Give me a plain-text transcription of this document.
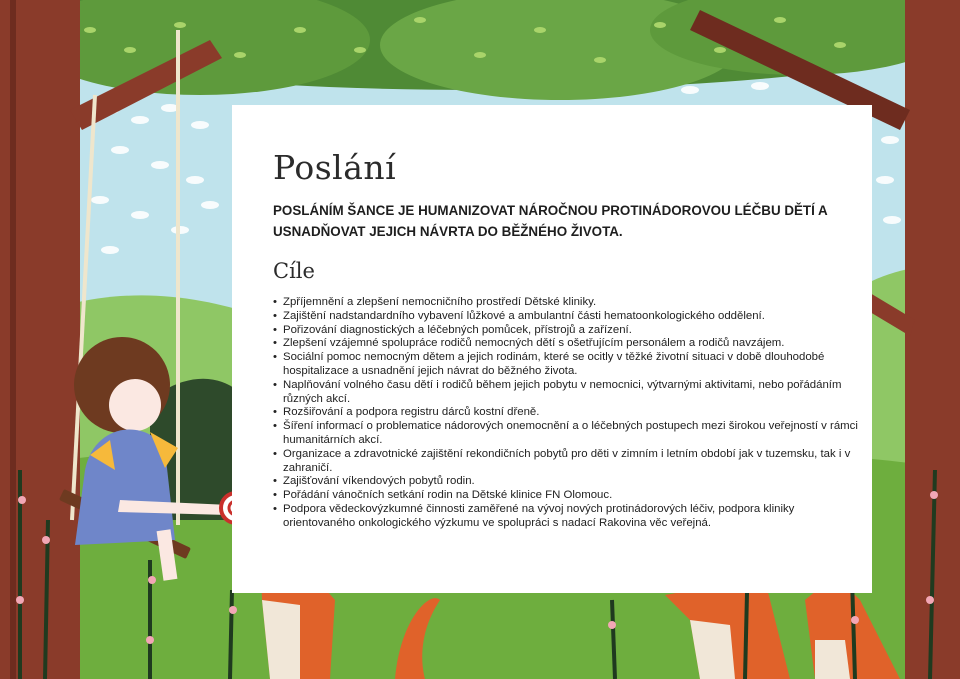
Poslání

POSLÁNÍM ŠANCE JE HUMANIZOVAT NÁROČNOU PROTINÁDOROVOU LÉČBU DĚTÍ A USNADŇOVAT JEJICH NÁVRTA DO BĚŽNÉHO ŽIVOTA.

Cíle
• Zpříjemnění a zlepšení nemocničního prostředí Dětské kliniky.
• Zajištění nadstandardního vybavení lůžkové a ambulantní části hematoonkologického oddělení.
• Pořizování diagnostických a léčebných pomůcek, přístrojů a zařízení.
• Zlepšení vzájemné spolupráce rodičů nemocných dětí s ošetřujícím personálem a rodičů navzájem.
• Sociální pomoc nemocným dětem a jejich rodinám, které se ocitly v těžké životní situaci v době dlouhodobé hospitalizace a usnadnění jejich návrat do běžného života.
• Naplňování volného času dětí i rodičů během jejich pobytu v nemocnici, výtvarnými aktivitami, nebo pořádáním různých akcí.
• Rozšiřování a podpora registru dárců kostní dřeně.
• Šíření informací o problematice nádorových onemocnění a o léčebných postupech mezi širokou veřejností v rámci humanitárních akcí.
• Organizace a zdravotnické zajištění rekondičních pobytů pro děti v zimním i letním období jak v tuzemsku, tak i v zahraničí.
• Zajišťování víkendových pobytů rodin.
• Pořádání vánočních setkání rodin na Dětské klinice FN Olomouc.
• Podpora vědeckovýzkumné činnosti zaměřené na vývoj nových protinádorových léčiv, podpora kliniky orientovaného onkologického výzkumu ve spolupráci s nadací Rakovina věc veřejná.
